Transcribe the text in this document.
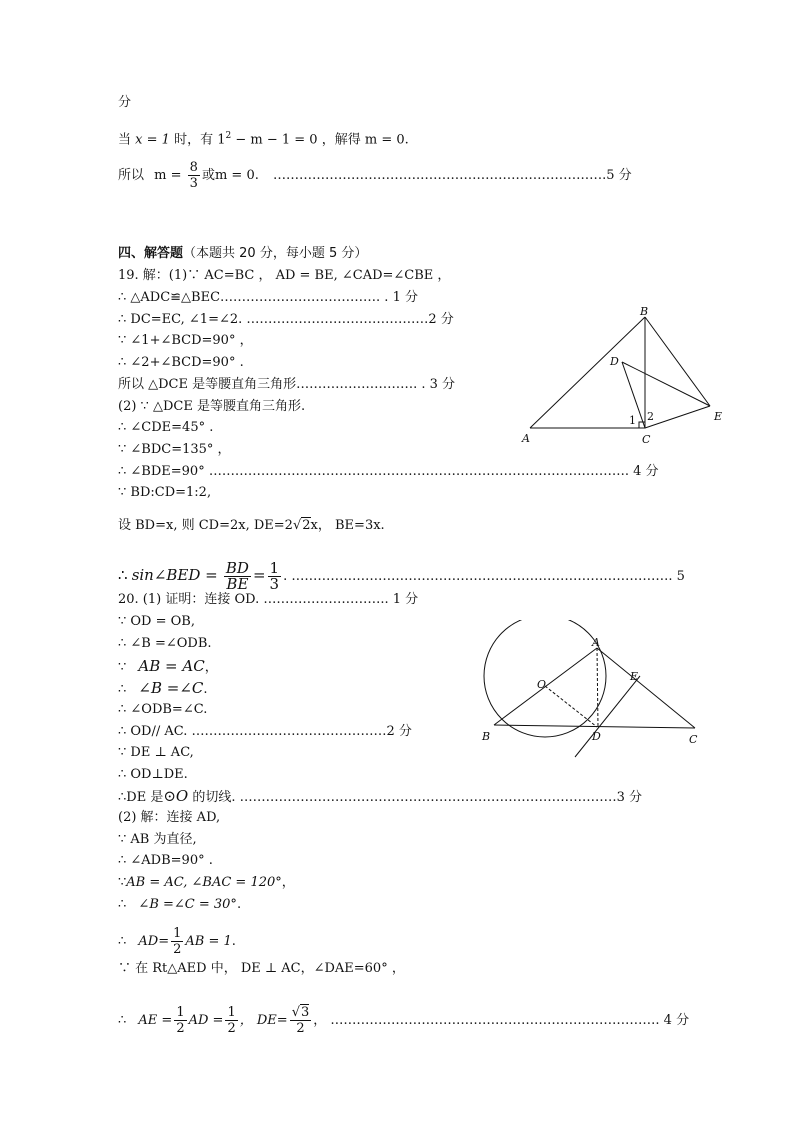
分
当 x = 1 时，有 $1^2 - m - 1 = 0$ ，解得 m = 0.
所以 $m = \frac{8}{3}$ 或m = 0. …………………………….…………………………………….5 分
四、解答题（本题共 20 分，每小题 5 分）
19. 解：(1)∵ AC=BC ， AD = BE, ∠CAD=∠CBE ，
∴ △ADC≌△BEC………………………………. . 1 分
∴ DC=EC, ∠1=∠2. ……………………………………2 分
∵ ∠1+∠BCD=90° ，
∴ ∠2+∠BCD=90° .
所以 △DCE 是等腰直角三角形………………………. . 3 分
(2) ∵ △DCE 是等腰直角三角形.
∴ ∠CDE=45° .
∵ ∠BDC=135° ，
∴ ∠BDE=90° ……………………………………………………………………………………. 4 分
∵ BD:CD=1:2,
设 BD=x, 则 CD=2x, DE=2√2x， BE=3x.
∴ sin∠BED = $\frac{BD}{BE} = \frac{1}{3}$ . ……………………………………………………………………………. 5
20. (1) 证明：连接 OD. ……………………….. 1 分
∵ OD = OB,
∴ ∠B =∠ODB.
∵ AB = AC，
∴ ∠B =∠C.
∴ ∠ODB=∠C.
∴ OD// AC. ………………………………………2 分
∵ DE ⊥ AC,
∴ OD⊥DE.
∴DE 是⊙O 的切线. ……………………………………………………………………………3 分
(2) 解：连接 AD,
∵ AB 为直径,
∴ ∠ADB=90° .
∵AB = AC, ∠BAC = 120°，
∴ ∠B =∠C = 30°.
∴ $AD= \frac{1}{2}$ AB = 1.
∵ 在 Rt△AED 中， DE ⊥ AC，∠DAE=60° ，
∴ AE = $\frac{1}{2}$ AD = $\frac{1}{2}$ ， $DE= \frac{√3}{2}$ ， …………………………………………………………………. 4 分
B
D
E
A	C
1 2
A
O
E
B	D	C
